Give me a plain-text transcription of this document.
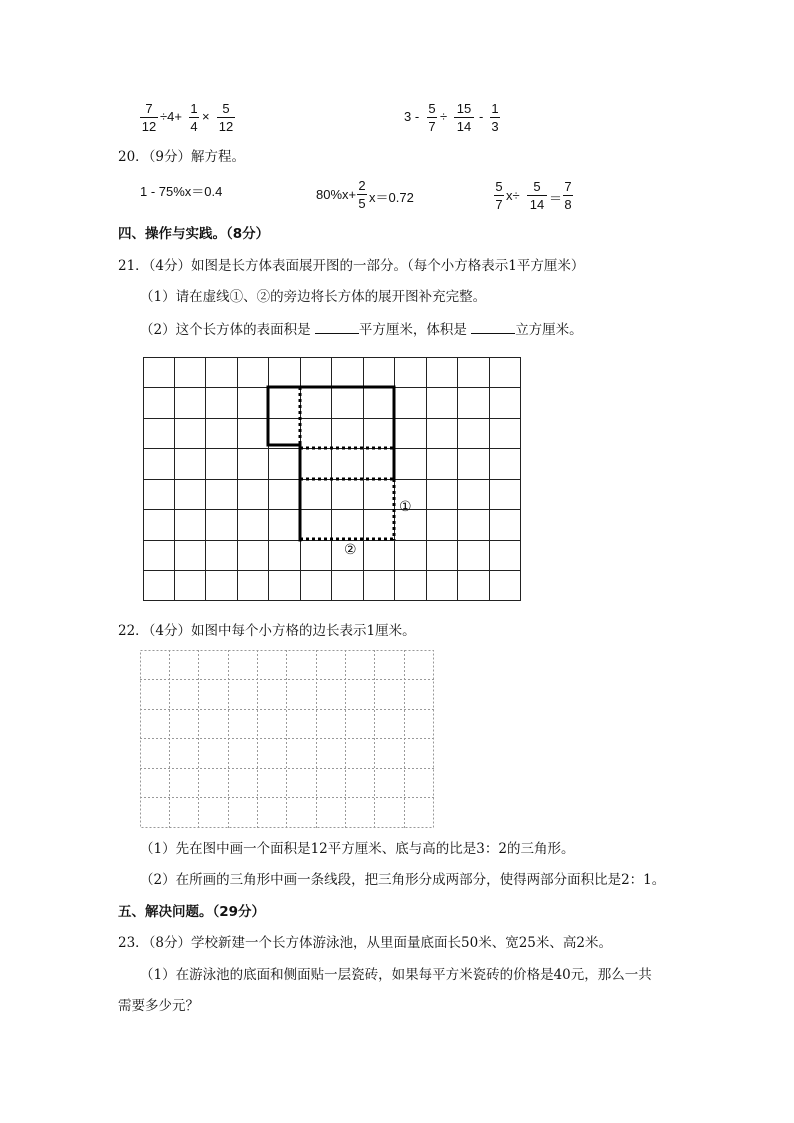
7
12
÷4+
1
4
×
5
12
3 -
5
7
÷
15
14
-
1
3
20．（9分）解方程。
1 - 75%x＝0.4	80%x+
2
5 x＝0.72
5
7
x÷
5
14 ＝
7
8
四、操作与实践。（8分）
21．（4分）如图是长方体表面展开图的一部分。（每个小方格表示1平方厘米）
（1）请在虚线①、②的旁边将长方体的展开图补充完整。
（2）这个长方体的表面积是	平方厘米，体积是	立方厘米。
①
②
22．（4分）如图中每个小方格的边长表示1厘米。
（1）先在图中画一个面积是12平方厘米、底与高的比是3：2的三角形。
（2）在所画的三角形中画一条线段，把三角形分成两部分，使得两部分面积比是2：1。
五、解决问题。（29分）
23．（8分）学校新建一个长方体游泳池，从里面量底面长50米、宽25米、高2米。
（1）在游泳池的底面和侧面贴一层瓷砖，如果每平方米瓷砖的价格是40元，那么一共
需要多少元？
